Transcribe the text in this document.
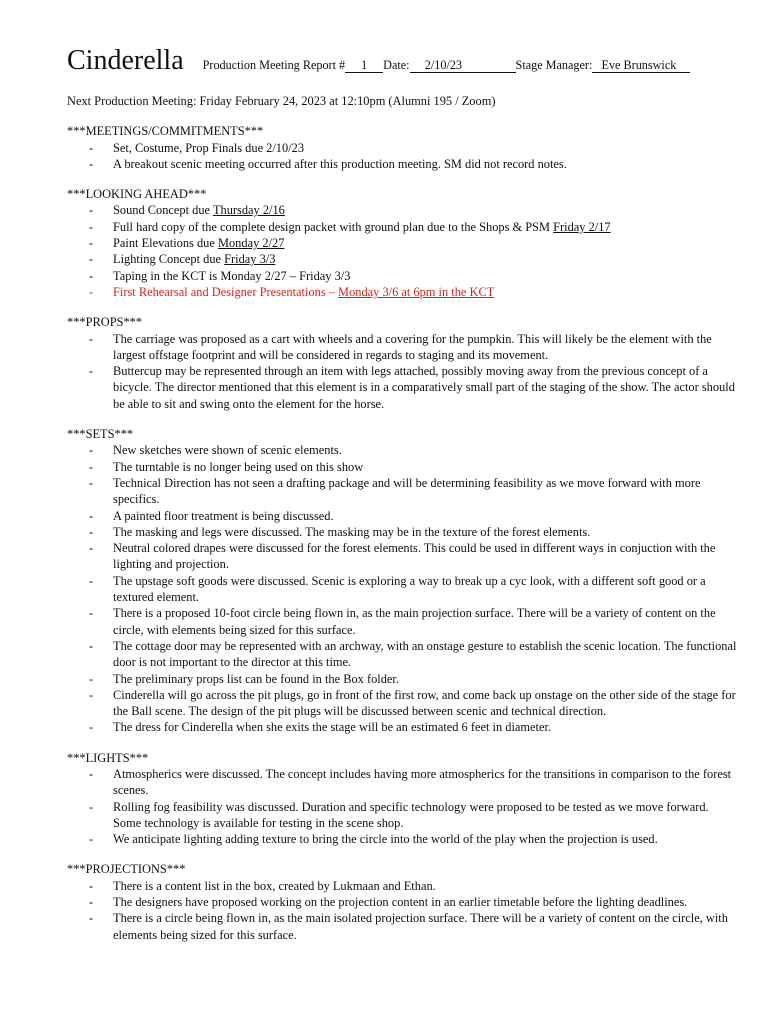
Cinderella Production Meeting Report #	1	Date:	2/10/23	Stage Manager: Eve Brunswick
Next Production Meeting: Friday February 24, 2023 at 12:10pm (Alumni 195 / Zoom)
***MEETINGS/COMMITMENTS***
- Set, Costume, Prop Finals due 2/10/23
- A breakout scenic meeting occurred after this production meeting. SM did not record notes.
***LOOKING AHEAD***
- Sound Concept due Thursday 2/16
- Full hard copy of the complete design packet with ground plan due to the Shops & PSM Friday 2/17
- Paint Elevations due Monday 2/27
- Lighting Concept due Friday 3/3
- Taping in the KCT is Monday 2/27 – Friday 3/3
- First Rehearsal and Designer Presentations – Monday 3/6 at 6pm in the KCT
***PROPS***
- The carriage was proposed as a cart with wheels and a covering for the pumpkin. This will likely be the element with the largest offstage footprint and will be considered in regards to staging and its movement.
- Buttercup may be represented through an item with legs attached, possibly moving away from the previous concept of a bicycle. The director mentioned that this element is in a comparatively small part of the staging of the show. The actor should be able to sit and swing onto the element for the horse.
***SETS***
- New sketches were shown of scenic elements.
- The turntable is no longer being used on this show
- Technical Direction has not seen a drafting package and will be determining feasibility as we move forward with more specifics.
- A painted floor treatment is being discussed.
- The masking and legs were discussed. The masking may be in the texture of the forest elements.
- Neutral colored drapes were discussed for the forest elements. This could be used in different ways in conjuction with the lighting and projection.
- The upstage soft goods were discussed. Scenic is exploring a way to break up a cyc look, with a different soft good or a textured element.
- There is a proposed 10-foot circle being flown in, as the main projection surface. There will be a variety of content on the circle, with elements being sized for this surface.
- The cottage door may be represented with an archway, with an onstage gesture to establish the scenic location. The functional door is not important to the director at this time.
- The preliminary props list can be found in the Box folder.
- Cinderella will go across the pit plugs, go in front of the first row, and come back up onstage on the other side of the stage for the Ball scene. The design of the pit plugs will be discussed between scenic and technical direction.
- The dress for Cinderella when she exits the stage will be an estimated 6 feet in diameter.
***LIGHTS***
- Atmospherics were discussed. The concept includes having more atmospherics for the transitions in comparison to the forest scenes.
- Rolling fog feasibility was discussed. Duration and specific technology were proposed to be tested as we move forward. Some technology is available for testing in the scene shop.
- We anticipate lighting adding texture to bring the circle into the world of the play when the projection is used.
***PROJECTIONS***
- There is a content list in the box, created by Lukmaan and Ethan.
- The designers have proposed working on the projection content in an earlier timetable before the lighting deadlines.
- There is a circle being flown in, as the main isolated projection surface. There will be a variety of content on the circle, with elements being sized for this surface.
